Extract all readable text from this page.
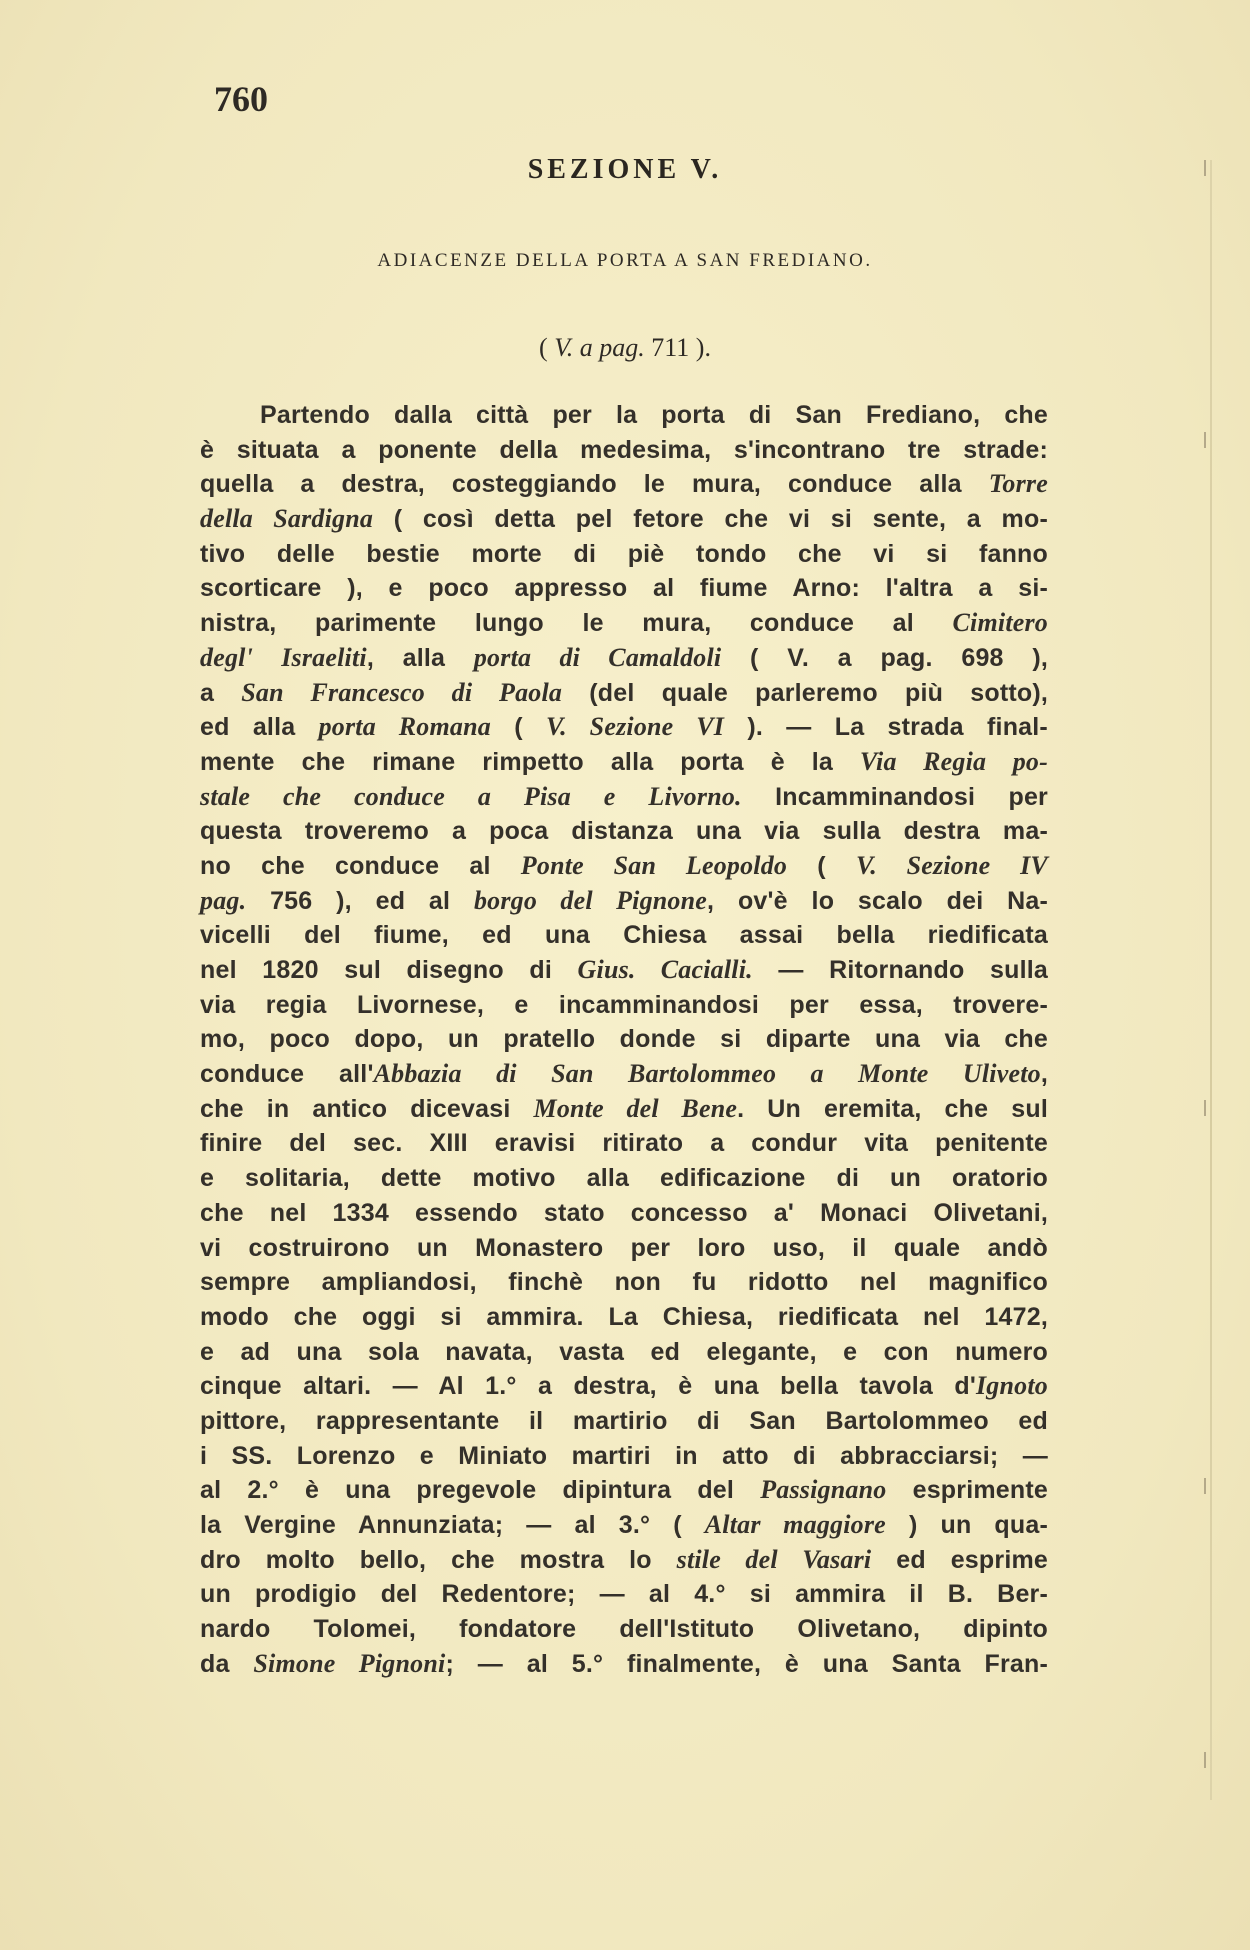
760
SEZIONE V.
ADIACENZE DELLA PORTA A SAN FREDIANO.
( V. a pag. 711 ).
Partendo dalla città per la porta di San Frediano, che
è situata a ponente della medesima, s'incontrano tre strade:
quella a destra, costeggiando le mura, conduce alla Torre
della Sardigna ( così detta pel fetore che vi si sente, a mo-
tivo delle bestie morte di piè tondo che vi si fanno
scorticare ), e poco appresso al fiume Arno: l'altra a si-
nistra, parimente lungo le mura, conduce al Cimitero
degl' Israeliti, alla porta di Camaldoli ( V. a pag. 698 ),
a San Francesco di Paola (del quale parleremo più sotto),
ed alla porta Romana ( V. Sezione VI ). — La strada final-
mente che rimane rimpetto alla porta è la Via Regia po-
stale che conduce a Pisa e Livorno. Incamminandosi per
questa troveremo a poca distanza una via sulla destra ma-
no che conduce al Ponte San Leopoldo ( V. Sezione IV
pag. 756 ), ed al borgo del Pignone, ov'è lo scalo dei Na-
vicelli del fiume, ed una Chiesa assai bella riedificata
nel 1820 sul disegno di Gius. Cacialli. — Ritornando sulla
via regia Livornese, e incamminandosi per essa, trovere-
mo, poco dopo, un pratello donde si diparte una via che
conduce all'Abbazia di San Bartolommeo a Monte Uliveto,
che in antico dicevasi Monte del Bene. Un eremita, che sul
finire del sec. XIII eravisi ritirato a condur vita penitente
e solitaria, dette motivo alla edificazione di un oratorio
che nel 1334 essendo stato concesso a' Monaci Olivetani,
vi costruirono un Monastero per loro uso, il quale andò
sempre ampliandosi, finchè non fu ridotto nel magnifico
modo che oggi si ammira. La Chiesa, riedificata nel 1472,
e ad una sola navata, vasta ed elegante, e con numero
cinque altari. — Al 1.° a destra, è una bella tavola d'Ignoto
pittore, rappresentante il martirio di San Bartolommeo ed
i SS. Lorenzo e Miniato martiri in atto di abbracciarsi; —
al 2.° è una pregevole dipintura del Passignano esprimente
la Vergine Annunziata; — al 3.° ( Altar maggiore ) un qua-
dro molto bello, che mostra lo stile del Vasari ed esprime
un prodigio del Redentore; — al 4.° si ammira il B. Ber-
nardo Tolomei, fondatore dell'Istituto Olivetano, dipinto
da Simone Pignoni; — al 5.° finalmente, è una Santa Fran-
